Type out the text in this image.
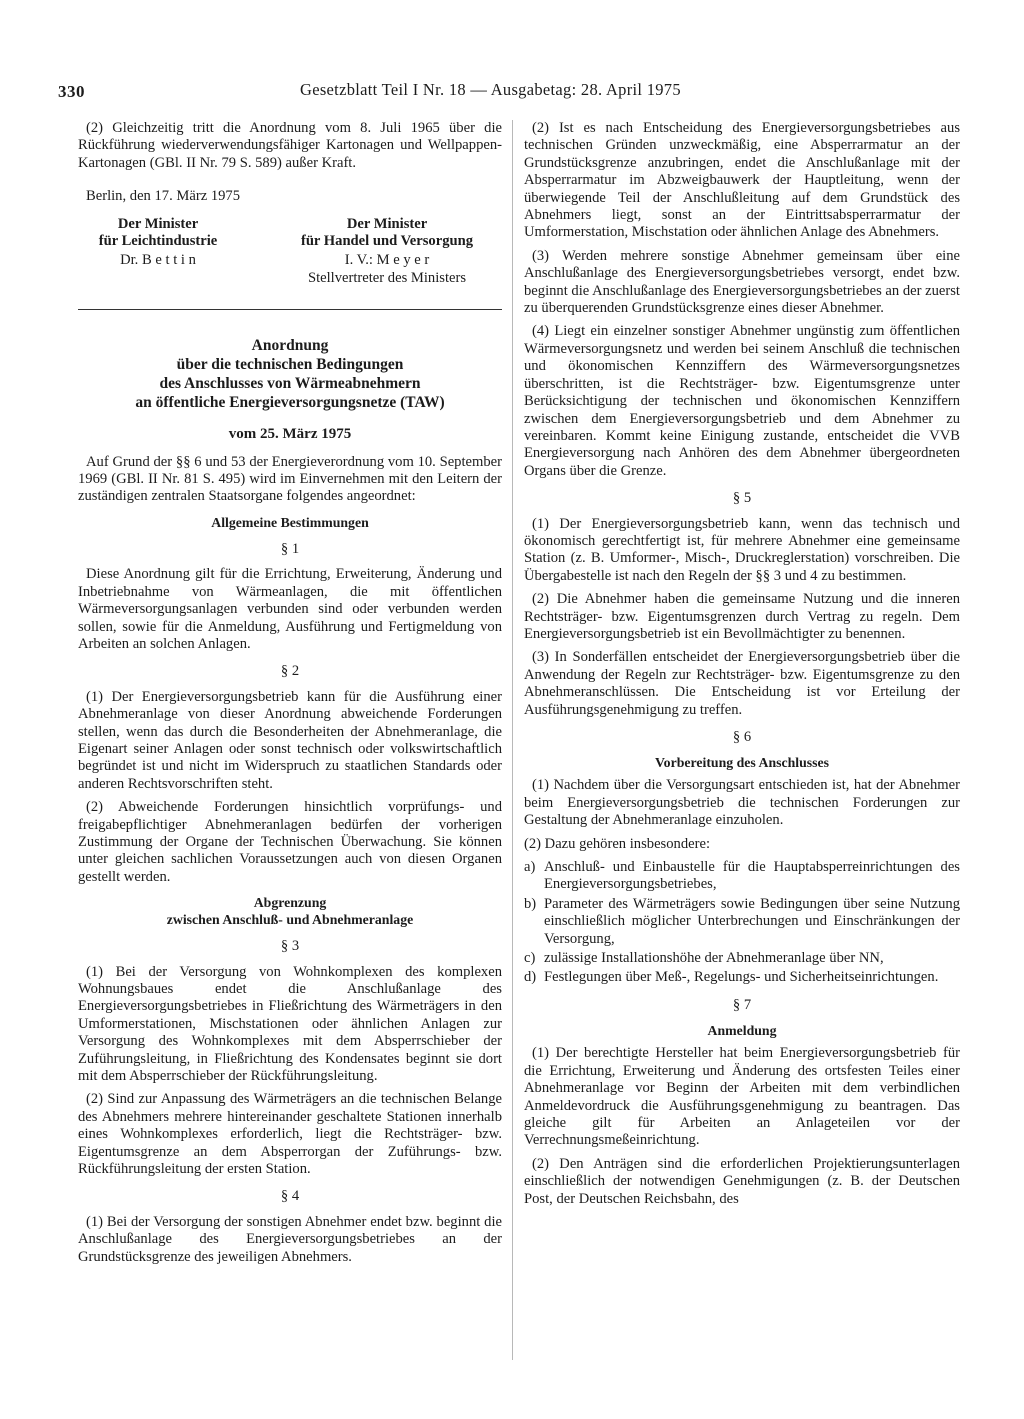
330	Gesetzblatt Teil I Nr. 18 — Ausgabetag: 28. April 1975

(2) Gleichzeitig tritt die Anordnung vom 8. Juli 1965 über die Rückführung wiederverwendungsfähiger Kartonagen und Wellpappen-Kartonagen (GBl. II Nr. 79 S. 589) außer Kraft.

Berlin, den 17. März 1975
Der Minister
für Leichtindustrie
Dr. B e t t i n
Der Minister
für Handel und Versorgung
I. V.: M e y e r
Stellvertreter des Ministers
Anordnung
über die technischen Bedingungen
des Anschlusses von Wärmeabnehmern
an öffentliche Energieversorgungsnetze (TAW)
vom 25. März 1975

Auf Grund der §§ 6 und 53 der Energieverordnung vom 10. September 1969 (GBl. II Nr. 81 S. 495) wird im Einvernehmen mit den Leitern der zuständigen zentralen Staatsorgane folgendes angeordnet:

Allgemeine Bestimmungen
§ 1

Diese Anordnung gilt für die Errichtung, Erweiterung, Änderung und Inbetriebnahme von Wärmeanlagen, die mit öffentlichen Wärmeversorgungsanlagen verbunden sind oder verbunden werden sollen, sowie für die Anmeldung, Ausführung und Fertigmeldung von Arbeiten an solchen Anlagen.

§ 2

(1) Der Energieversorgungsbetrieb kann für die Ausführung einer Abnehmeranlage von dieser Anordnung abweichende Forderungen stellen, wenn das durch die Besonderheiten der Abnehmeranlage, die Eigenart seiner Anlagen oder sonst technisch oder volkswirtschaftlich begründet ist und nicht im Widerspruch zu staatlichen Standards oder anderen Rechtsvorschriften steht.

(2) Abweichende Forderungen hinsichtlich vorprüfungs- und freigabepflichtiger Abnehmeranlagen bedürfen der vorherigen Zustimmung der Organe der Technischen Überwachung. Sie können unter gleichen sachlichen Voraussetzungen auch von diesen Organen gestellt werden.

Abgrenzung
zwischen Anschluß- und Abnehmeranlage
§ 3

(1) Bei der Versorgung von Wohnkomplexen des komplexen Wohnungsbaues endet die Anschlußanlage des Energieversorgungsbetriebes in Fließrichtung des Wärmeträgers in den Umformerstationen, Mischstationen oder ähnlichen Anlagen zur Versorgung des Wohnkomplexes mit dem Absperrschieber der Zuführungsleitung, in Fließrichtung des Kondensates beginnt sie dort mit dem Absperrschieber der Rückführungsleitung.

(2) Sind zur Anpassung des Wärmeträgers an die technischen Belange des Abnehmers mehrere hintereinander geschaltete Stationen innerhalb eines Wohnkomplexes erforderlich, liegt die Rechtsträger- bzw. Eigentumsgrenze an dem Absperrorgan der Zuführungs- bzw. Rückführungsleitung der ersten Station.

§ 4

(1) Bei der Versorgung der sonstigen Abnehmer endet bzw. beginnt die Anschlußanlage des Energieversorgungsbetriebes an der Grundstücksgrenze des jeweiligen Abnehmers.

(2) Ist es nach Entscheidung des Energieversorgungsbetriebes aus technischen Gründen unzweckmäßig, eine Absperrarmatur an der Grundstücksgrenze anzubringen, endet die Anschlußanlage mit der Absperrarmatur im Abzweigbauwerk der Hauptleitung, wenn der überwiegende Teil der Anschlußleitung auf dem Grundstück des Abnehmers liegt, sonst an der Eintrittsabsperrarmatur der Umformerstation, Mischstation oder ähnlichen Anlage des Abnehmers.

(3) Werden mehrere sonstige Abnehmer gemeinsam über eine Anschlußanlage des Energieversorgungsbetriebes versorgt, endet bzw. beginnt die Anschlußanlage des Energieversorgungsbetriebes an der zuerst zu überquerenden Grundstücksgrenze eines dieser Abnehmer.

(4) Liegt ein einzelner sonstiger Abnehmer ungünstig zum öffentlichen Wärmeversorgungsnetz und werden bei seinem Anschluß die technischen und ökonomischen Kennziffern des Wärmeversorgungsnetzes überschritten, ist die Rechtsträger- bzw. Eigentumsgrenze unter Berücksichtigung der technischen und ökonomischen Kennziffern zwischen dem Energieversorgungsbetrieb und dem Abnehmer zu vereinbaren. Kommt keine Einigung zustande, entscheidet die VVB Energieversorgung nach Anhören des dem Abnehmer übergeordneten Organs über die Grenze.

§ 5

(1) Der Energieversorgungsbetrieb kann, wenn das technisch und ökonomisch gerechtfertigt ist, für mehrere Abnehmer eine gemeinsame Station (z. B. Umformer-, Misch-, Druckreglerstation) vorschreiben. Die Übergabestelle ist nach den Regeln der §§ 3 und 4 zu bestimmen.

(2) Die Abnehmer haben die gemeinsame Nutzung und die inneren Rechtsträger- bzw. Eigentumsgrenzen durch Vertrag zu regeln. Dem Energieversorgungsbetrieb ist ein Bevollmächtigter zu benennen.

(3) In Sonderfällen entscheidet der Energieversorgungsbetrieb über die Anwendung der Regeln zur Rechtsträger- bzw. Eigentumsgrenze zu den Abnehmeranschlüssen. Die Entscheidung ist vor Erteilung der Ausführungsgenehmigung zu treffen.

§ 6
Vorbereitung des Anschlusses

(1) Nachdem über die Versorgungsart entschieden ist, hat der Abnehmer beim Energieversorgungsbetrieb die technischen Forderungen zur Gestaltung der Abnehmeranlage einzuholen.

(2) Dazu gehören insbesondere:

a) Anschluß- und Einbaustelle für die Hauptabsperreinrichtungen des Energieversorgungsbetriebes,
b) Parameter des Wärmeträgers sowie Bedingungen über seine Nutzung einschließlich möglicher Unterbrechungen und Einschränkungen der Versorgung,
c) zulässige Installationshöhe der Abnehmeranlage über NN,
d) Festlegungen über Meß-, Regelungs- und Sicherheitseinrichtungen.
§ 7
Anmeldung

(1) Der berechtigte Hersteller hat beim Energieversorgungsbetrieb für die Errichtung, Erweiterung und Änderung des ortsfesten Teiles einer Abnehmeranlage vor Beginn der Arbeiten mit dem verbindlichen Anmeldevordruck die Ausführungsgenehmigung zu beantragen. Das gleiche gilt für Arbeiten an Anlageteilen vor der Verrechnungsmeßeinrichtung.

(2) Den Anträgen sind die erforderlichen Projektierungsunterlagen einschließlich der notwendigen Genehmigungen (z. B. der Deutschen Post, der Deutschen Reichsbahn, des
